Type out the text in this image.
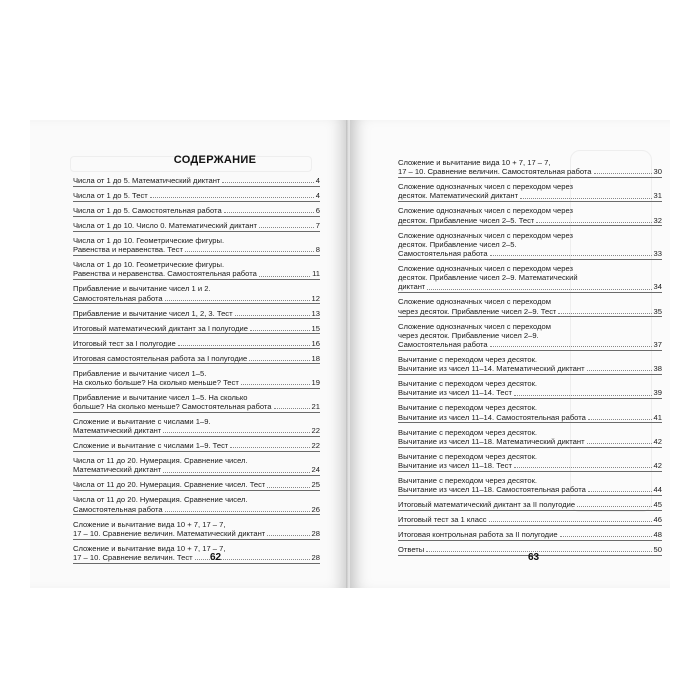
СОДЕРЖАНИЕ
Числа от 1 до 5. Математический диктант	4
Числа от 1 до 5. Тест	4
Числа от 1 до 5. Самостоятельная работа	6
Числа от 1 до 10. Число 0. Математический диктант	7
Числа от 1 до 10. Геометрические фигуры.
Равенства и неравенства. Тест	8
Числа от 1 до 10. Геометрические фигуры.
Равенства и неравенства. Самостоятельная работа	11
Прибавление и вычитание чисел 1 и 2.
Самостоятельная работа	12
Прибавление и вычитание чисел 1, 2, 3. Тест	13
Итоговый математический диктант за I полугодие	15
Итоговый тест за I полугодие	16
Итоговая самостоятельная работа за I полугодие	18
Прибавление и вычитание чисел 1–5.
На сколько больше? На сколько меньше? Тест	19
Прибавление и вычитание чисел 1–5. На сколько
больше? На сколько меньше? Самостоятельная работа	21
Сложение и вычитание с числами 1–9.
Математический диктант	22
Сложение и вычитание с числами 1–9. Тест	22
Числа от 11 до 20. Нумерация. Сравнение чисел.
Математический диктант	24
Числа от 11 до 20. Нумерация. Сравнение чисел. Тест	25
Числа от 11 до 20. Нумерация. Сравнение чисел.
Самостоятельная работа	26
Сложение и вычитание вида 10 + 7, 17 – 7,
17 – 10. Сравнение величин. Математический диктант	28
Сложение и вычитание вида 10 + 7, 17 – 7,
17 – 10. Сравнение величин. Тест	28
62
Сложение и вычитание вида 10 + 7, 17 – 7,
17 – 10. Сравнение величин. Самостоятельная работа	30
Сложение однозначных чисел с переходом через
десяток. Математический диктант	31
Сложение однозначных чисел с переходом через
десяток. Прибавление чисел 2–5. Тест	32
Сложение однозначных чисел с переходом через
десяток. Прибавление чисел 2–5.
Самостоятельная работа	33
Сложение однозначных чисел с переходом через
десяток. Прибавление чисел 2–9. Математический
диктант	34
Сложение однозначных чисел с переходом
через десяток. Прибавление чисел 2–9. Тест	35
Сложение однозначных чисел с переходом
через десяток. Прибавление чисел 2–9.
Самостоятельная работа	37
Вычитание с переходом через десяток.
Вычитание из чисел 11–14. Математический диктант	38
Вычитание с переходом через десяток.
Вычитание из чисел 11–14. Тест	39
Вычитание с переходом через десяток.
Вычитание из чисел 11–14. Самостоятельная работа	41
Вычитание с переходом через десяток.
Вычитание из чисел 11–18. Математический диктант	42
Вычитание с переходом через десяток.
Вычитание из чисел 11–18. Тест	42
Вычитание с переходом через десяток.
Вычитание из чисел 11–18. Самостоятельная работа	44
Итоговый математический диктант за II полугодие	45
Итоговый тест за 1 класс	46
Итоговая контрольная работа за II полугодие	48
Ответы	50
63
